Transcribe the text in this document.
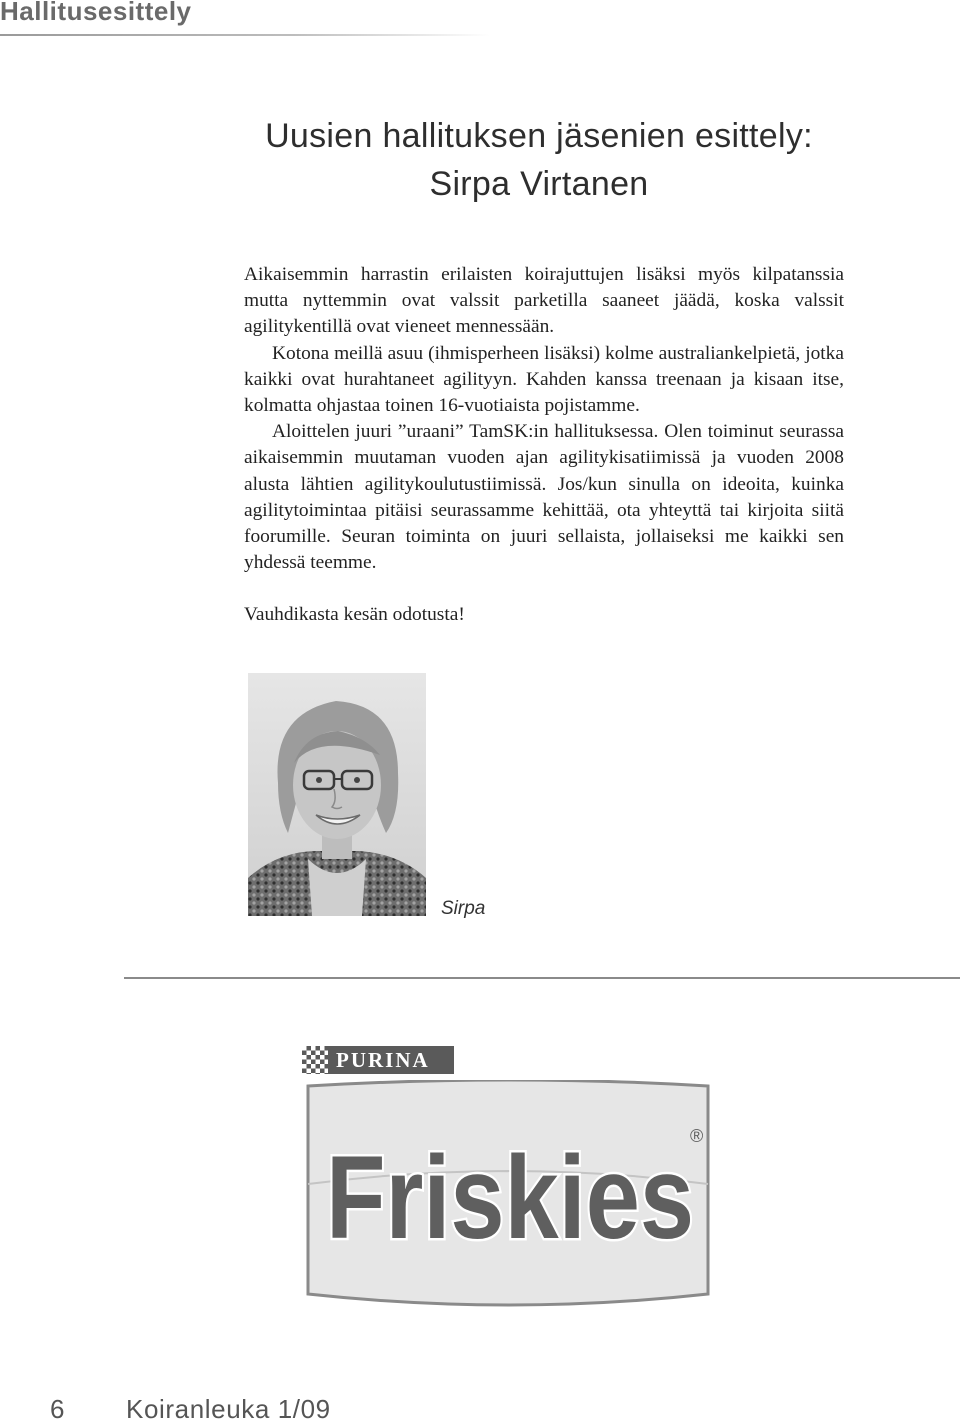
Hallitusesittely
Uusien hallituksen jäsenien esittely:
Sirpa Virtanen

Aikaisemmin harrastin erilaisten koirajuttujen lisäksi myös kilpatanssia mutta nyttemmin ovat valssit parketilla saaneet jäädä, koska valssit agilitykentillä ovat vieneet mennessään.

Kotona meillä asuu (ihmisperheen lisäksi) kolme australiankelpietä, jotka kaikki ovat hurahtaneet agilityyn. Kahden kanssa treenaan ja kisaan itse, kolmatta ohjastaa toinen 16-vuotiaista pojistamme.

Aloittelen juuri ”uraani” TamSK:in hallituksessa. Olen toiminut seurassa aikaisemmin muutaman vuoden ajan agilitykisatiimissä ja vuoden 2008 alusta lähtien agilitykoulutustiimissä. Jos/kun sinulla on ideoita, kuinka agilitytoimintaa pitäisi seurassamme kehittää, ota yhteyttä tai kirjoita siitä foorumille. Seuran toiminta on juuri sellaista, jollaiseksi me kaikki sen yhdessä teemme.

Vauhdikasta kesän odotusta!

Sirpa
PURINA
Friskies
®
6 Koiranleuka 1/09
